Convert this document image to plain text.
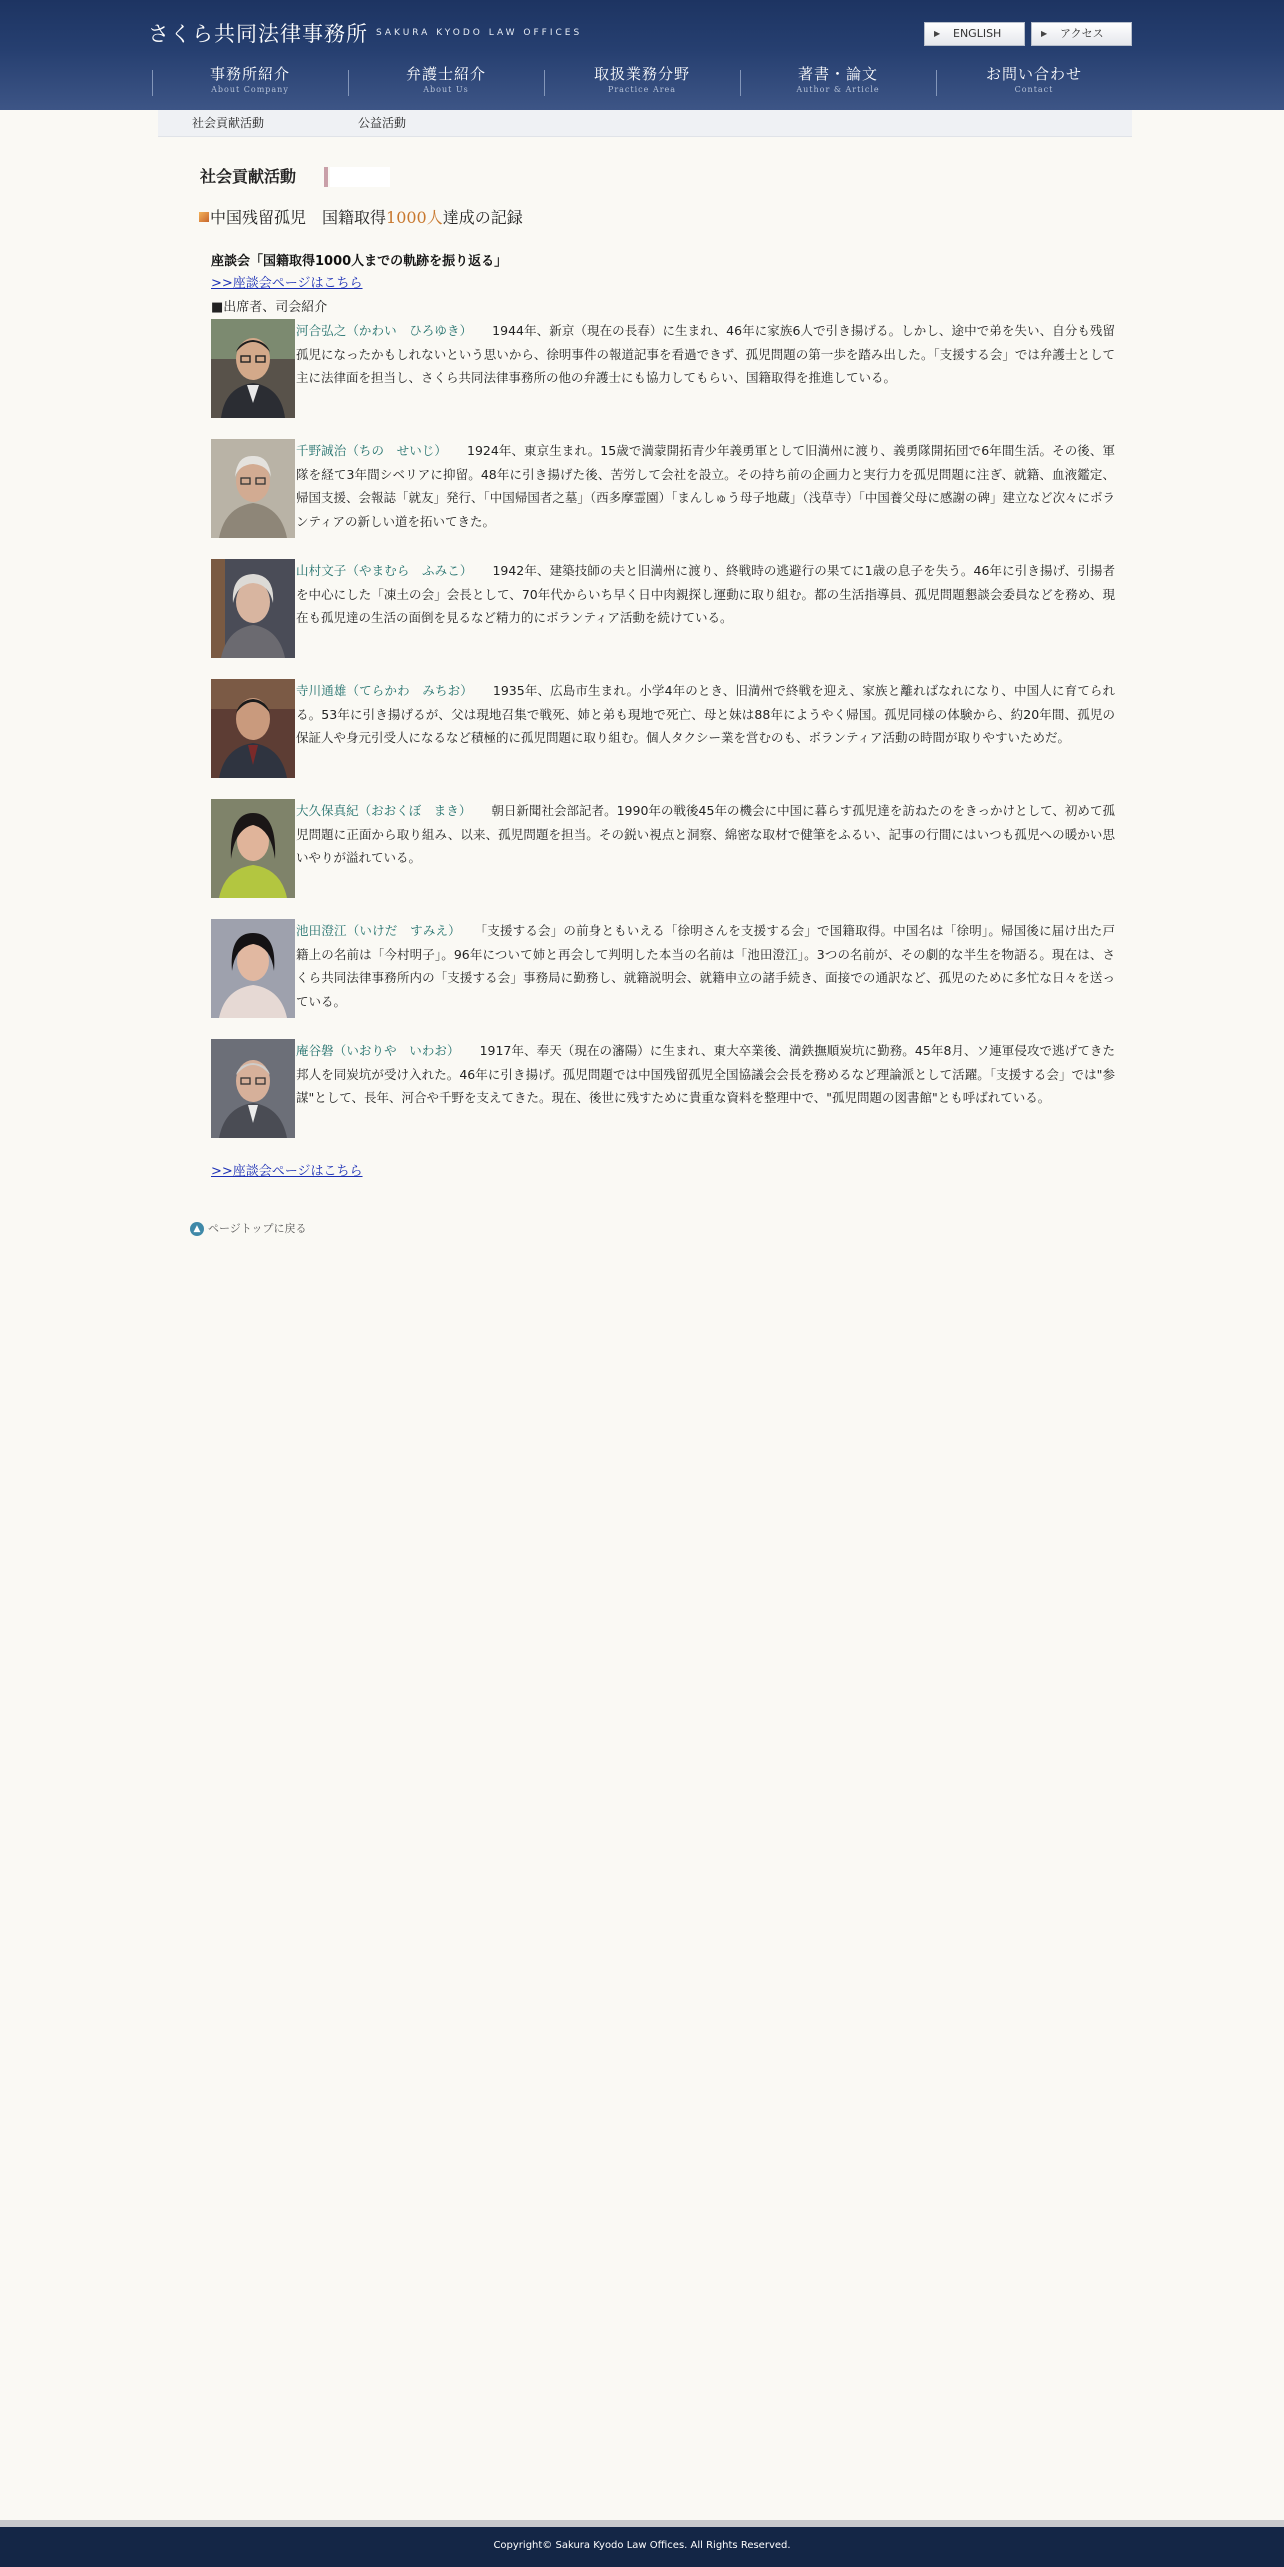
さくら共同法律事務所 SAKURA KYODO LAW OFFICES	▶ ENGLISH	▶ アクセス
事務所紹介
About Company
弁護士紹介
About Us
取扱業務分野
Practice Area
著書・論文
Author & Article
お問い合わせ
Contact
社会貢献活動	公益活動
社会貢献活動
中国残留孤児　国籍取得1000人達成の記録
座談会「国籍取得1000人までの軌跡を振り返る」
>>座談会ページはこちら
■出席者、司会紹介

河合弘之（かわい　ひろゆき） 1944年、新京（現在の長春）に生まれ、46年に家族6人で引き揚げる。しかし、途中で弟を失い、自分も残留孤児になったかもしれないという思いから、徐明事件の報道記事を看過できず、孤児問題の第一歩を踏み出した。「支援する会」では弁護士として主に法律面を担当し、さくら共同法律事務所の他の弁護士にも協力してもらい、国籍取得を推進している。

千野誠治（ちの　せいじ） 1924年、東京生まれ。15歳で満蒙開拓青少年義勇軍として旧満州に渡り、義勇隊開拓団で6年間生活。その後、軍隊を経て3年間シベリアに抑留。48年に引き揚げた後、苦労して会社を設立。その持ち前の企画力と実行力を孤児問題に注ぎ、就籍、血液鑑定、帰国支援、会報誌「就友」発行、「中国帰国者之墓」（西多摩霊園）「まんしゅう母子地蔵」（浅草寺）「中国養父母に感謝の碑」建立など次々にボランティアの新しい道を拓いてきた。

山村文子（やまむら　ふみこ） 1942年、建築技師の夫と旧満州に渡り、終戦時の逃避行の果てに1歳の息子を失う。46年に引き揚げ、引揚者を中心にした「凍土の会」会長として、70年代からいち早く日中肉親探し運動に取り組む。都の生活指導員、孤児問題懇談会委員などを務め、現在も孤児達の生活の面倒を見るなど精力的にボランティア活動を続けている。

寺川通雄（てらかわ　みちお） 1935年、広島市生まれ。小学4年のとき、旧満州で終戦を迎え、家族と離ればなれになり、中国人に育てられる。53年に引き揚げるが、父は現地召集で戦死、姉と弟も現地で死亡、母と妹は88年にようやく帰国。孤児同様の体験から、約20年間、孤児の保証人や身元引受人になるなど積極的に孤児問題に取り組む。個人タクシー業を営むのも、ボランティア活動の時間が取りやすいためだ。

大久保真紀（おおくぼ　まき） 朝日新聞社会部記者。1990年の戦後45年の機会に中国に暮らす孤児達を訪ねたのをきっかけとして、初めて孤児問題に正面から取り組み、以来、孤児問題を担当。その鋭い視点と洞察、綿密な取材で健筆をふるい、記事の行間にはいつも孤児への暖かい思いやりが溢れている。

池田澄江（いけだ　すみえ） 「支援する会」の前身ともいえる「徐明さんを支援する会」で国籍取得。中国名は「徐明」。帰国後に届け出た戸籍上の名前は「今村明子」。96年について姉と再会して判明した本当の名前は「池田澄江」。3つの名前が、その劇的な半生を物語る。現在は、さくら共同法律事務所内の「支援する会」事務局に勤務し、就籍説明会、就籍申立の諸手続き、面接での通訳など、孤児のために多忙な日々を送っている。

庵谷磐（いおりや　いわお） 1917年、奉天（現在の瀋陽）に生まれ、東大卒業後、満鉄撫順炭坑に勤務。45年8月、ソ連軍侵攻で逃げてきた邦人を同炭坑が受け入れた。46年に引き揚げ。孤児問題では中国残留孤児全国協議会会長を務めるなど理論派として活躍。「支援する会」では"参謀"として、長年、河合や千野を支えてきた。現在、後世に残すために貴重な資料を整理中で、"孤児問題の図書館"とも呼ばれている。

>>座談会ページはこちら
▲ ページトップに戻る
Copyright© Sakura Kyodo Law Offices. All Rights Reserved.
